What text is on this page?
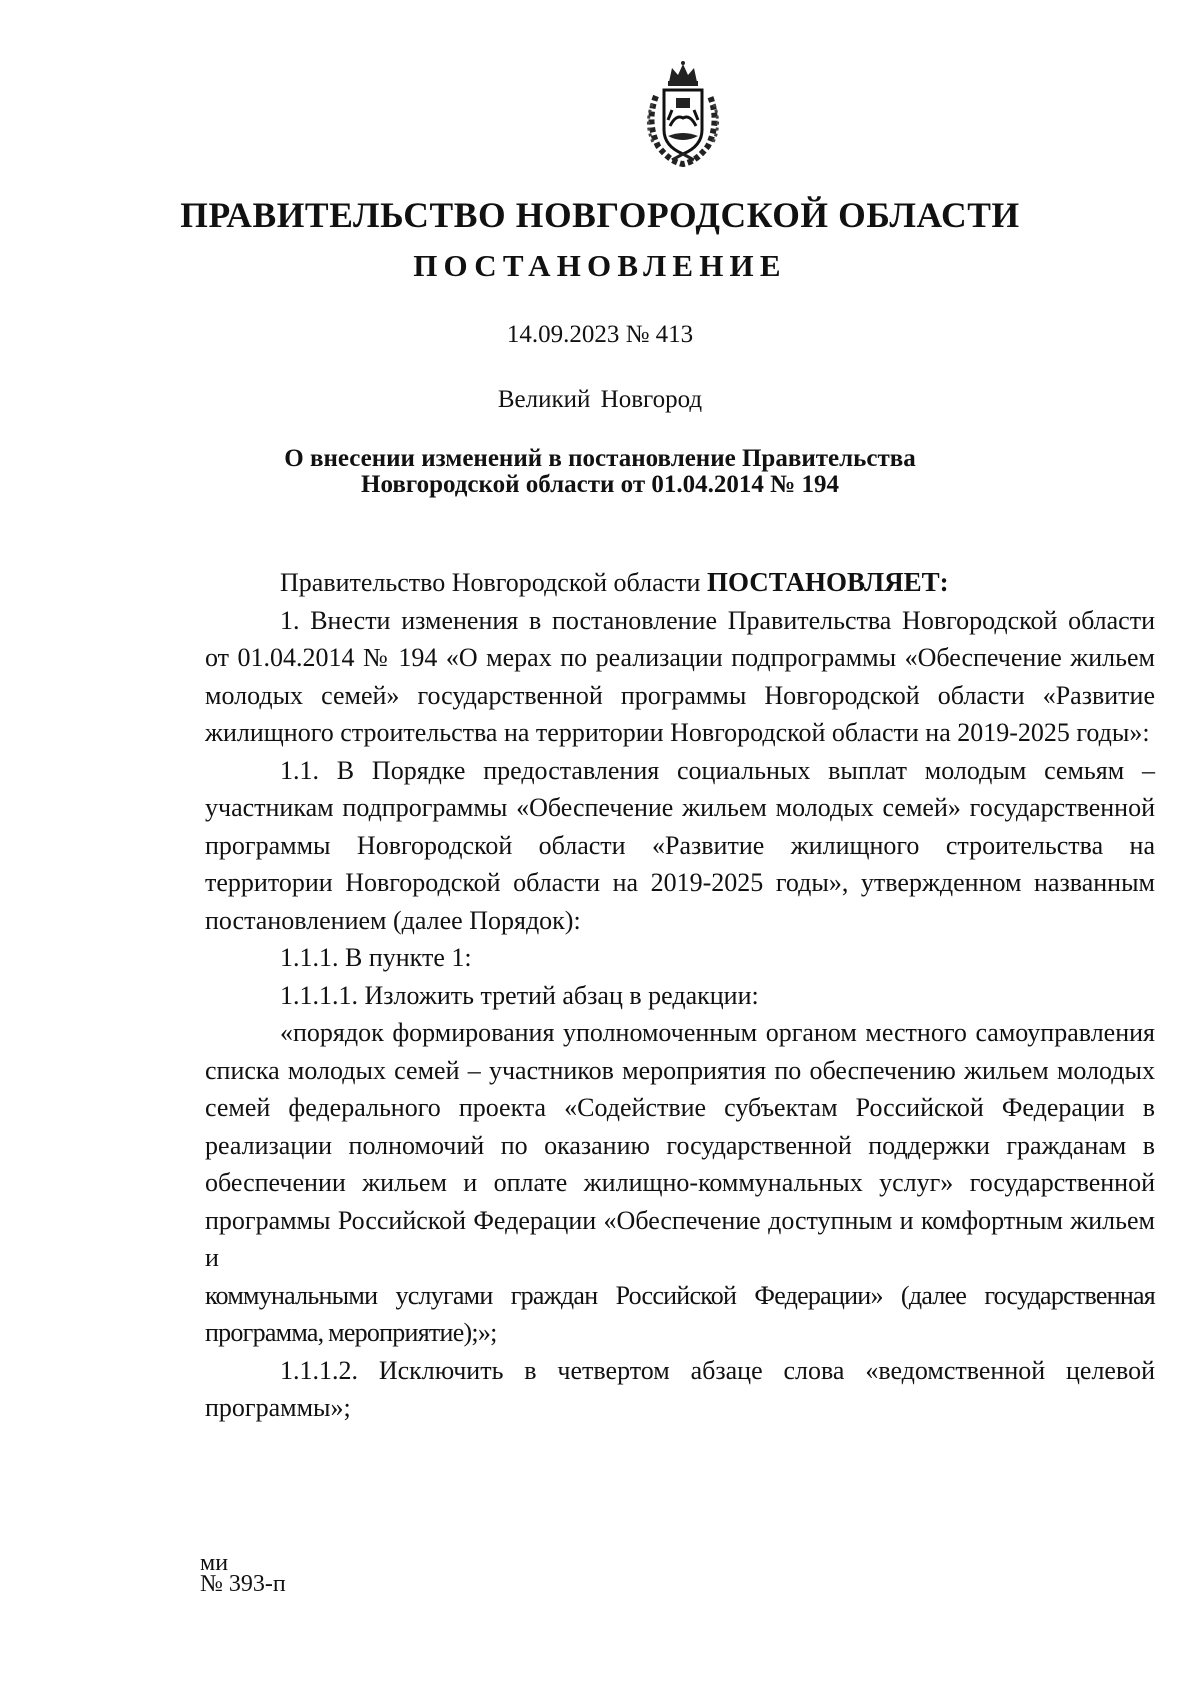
ПРАВИТЕЛЬСТВО НОВГОРОДСКОЙ ОБЛАСТИ
ПОСТАНОВЛЕНИЕ
14.09.2023 № 413
Великий Новгород
О внесении изменений в постановление Правительства
Новгородской области от 01.04.2014 № 194

Правительство Новгородской области ПОСТАНОВЛЯЕТ:

1. Внести изменения в постановление Правительства Новгородской области от 01.04.2014 № 194 «О мерах по реализации подпрограммы «Обеспечение жильем молодых семей» государственной программы Новгородской области «Развитие жилищного строительства на территории Новгородской области на 2019-2025 годы»:

1.1. В Порядке предоставления социальных выплат молодым семьям – участникам подпрограммы «Обеспечение жильем молодых семей» государственной программы Новгородской области «Развитие жилищного строительства на территории Новгородской области на 2019-2025 годы», утвержденном названным постановлением (далее Порядок):

1.1.1. В пункте 1:

1.1.1.1. Изложить третий абзац в редакции:

«порядок формирования уполномоченным органом местного самоуправления списка молодых семей – участников мероприятия по обеспечению жильем молодых семей федерального проекта «Содействие субъектам Российской Федерации в реализации полномочий по оказанию государственной поддержки гражданам в обеспечении жильем и оплате жилищно-коммунальных услуг» государственной программы Российской Федерации «Обеспечение доступным и комфортным жильем и

коммунальными услугами граждан Российской Федерации» (далее государственная программа, мероприятие);»;

1.1.1.2. Исключить в четвертом абзаце слова «ведомственной целевой программы»;

ми
№ 393-п
